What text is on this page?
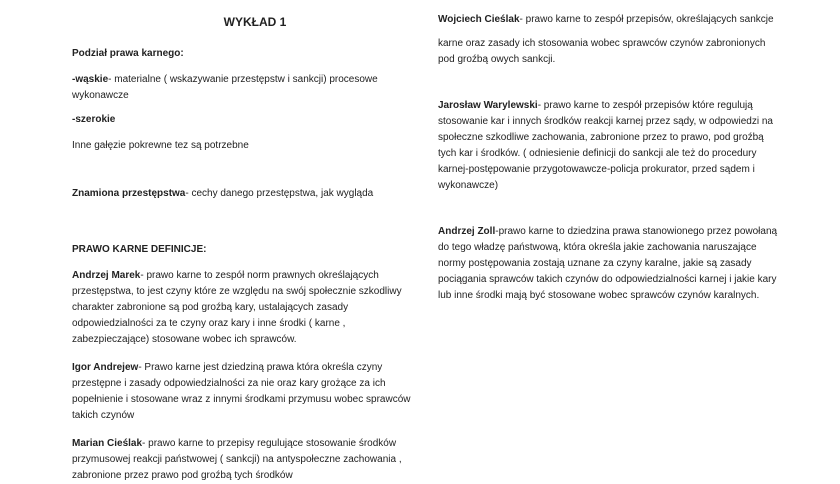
WYKŁAD 1

Podział prawa karnego:

-wąskie- materialne ( wskazywanie przestępstw i sankcji) procesowe wykonawcze

-szerokie

Inne gałęzie pokrewne tez są potrzebne

Znamiona przestępstwa- cechy danego przestępstwa, jak wygląda

PRAWO KARNE DEFINICJE:

Andrzej Marek- prawo karne to zespół norm prawnych określających przestępstwa, to jest czyny które ze względu na swój społecznie szkodliwy charakter zabronione są pod groźbą kary, ustalających zasady odpowiedzialności za te czyny oraz kary i inne środki ( karne , zabezpieczające) stosowane wobec ich sprawców.

Igor Andrejew- Prawo karne jest dziedziną prawa która określa czyny przestępne i zasady odpowiedzialności za nie oraz kary grożące za ich popełnienie i stosowane wraz z innymi środkami przymusu wobec sprawców takich czynów

Marian Cieślak- prawo karne to przepisy regulujące stosowanie środków przymusowej reakcji państwowej ( sankcji) na antyspołeczne zachowania , zabronione przez prawo pod groźbą tych środków

Wojciech Cieślak- prawo karne to zespół przepisów, określających sankcje

karne oraz zasady ich stosowania wobec sprawców czynów zabronionych pod groźbą owych sankcji.

Jarosław Warylewski- prawo karne to zespół przepisów które regulują stosowanie kar i innych środków reakcji karnej przez sądy, w odpowiedzi na społeczne szkodliwe zachowania, zabronione przez to prawo, pod groźbą tych kar i środków. ( odniesienie definicji do sankcji ale też do procedury karnej-postępowanie przygotowawcze-policja prokurator, przed sądem i wykonawcze)

Andrzej Zoll-prawo karne to dziedzina prawa stanowionego przez powołaną do tego władzę państwową, która określa jakie zachowania naruszające normy postępowania zostają uznane za czyny karalne, jakie są zasady pociągania sprawców takich czynów do odpowiedzialności karnej i jakie kary lub inne środki mają być stosowane wobec sprawców czynów karalnych.
